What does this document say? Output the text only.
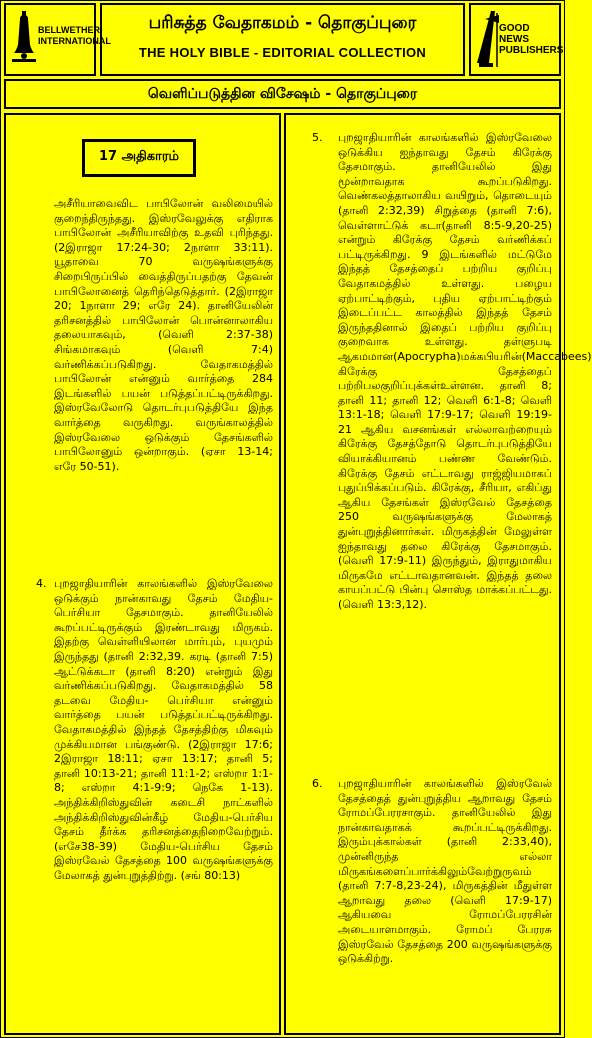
BELLWETHER INTERNATIONAL
பரிசுத்த வேதாகமம் - தொகுப்புரை
THE HOLY BIBLE - EDITORIAL COLLECTION
GOOD NEWS PUBLISHERS
வெளிப்படுத்தின விசேஷம் - தொகுப்புரை
17 அதிகாரம்
அசீரியாவைவிட பாபிலோன் வலிமையில் குறைந்திருந்தது. இஸ்ரவேலுக்கு எதிராக பாபிலோன் அசீரியாவிற்கு உதவி புரிந்தது. (2இராஜா 17:24-30; 2நாளா 33:11). யூதாவை 70 வருஷங்களுக்கு சிறைபிருப்பில் வைத்திருப்பதற்கு தேவன் பாபிலோனைத் தெரிந்தெடுத்தார். (2இராஜா 20; 1நாளா 29; எரே 24). தானியேலின் தரிசனத்தில் பாபிலோன் பொன்னாலாகிய தலையாகவும், (வெளி 2:37-38) சிங்கமாகவும் (வெளி 7:4) வர்ணிக்கப்படுகிறது. வேதாகமத்தில் பாபிலோன் என்னும் வார்த்தை 284 இடங்களில் பயன் படுத்தப்பட்டிருக்கிறது. இஸ்ரவேலோடு தொடர்புபடுத்தியே இந்த வார்த்தை வருகிறது. வருங்காலத்தில் இஸ்ரவேலை ஒடுக்கும் தேசங்களில் பாபிலோனும் ஒன்றாகும். (ஏசா 13-14; எரே 50-51).
4. புறஜாதியாரின் காலங்களில் இஸ்ரவேலை ஒடுக்கும் நான்காவது தேசம் மேதிய-பெர்சியா தேசமாகும். தானியேலில் கூறப்பட்டிருக்கும் இரண்டாவது மிருகம். இதற்கு வெள்ளியிலான மார்பும், புயமும் இருந்தது (தானி 2:32,39. கரடி (தானி 7:5) ஆட்டுக்கடா (தானி 8:20) என்றும் இது வர்ணிக்கப்படுகிறது. வேதாகமத்தில் 58 தடவை மேதிய- பெர்சியா என்னும் வார்த்தை பயன் படுத்தப்பட்டிருக்கிறது. வேதாகமத்தில் இந்தத் தேசத்திற்கு மிகவும் முக்கியமான பங்குண்டு. (2இராஜா 17:6; 2இராஜா 18:11; ஏசா 13:17; தானி 5; தானி 10:13-21; தானி 11:1-2; எஸ்றா 1:1-8; எஸ்றா 4:1-9:9; நெகே 1-13). அந்திக்கிறிஸ்துவின் கடைசி நாட்களில் அந்திக்கிறிஸ்துவின்கீழ் மேதிய-பெர்சிய தேசம் தீர்க்க தரிசனத்தைநிறைவேற்றும்.(எசே38-39) மேதிய-பெர்சிய தேசம் இஸ்ரவேல் தேசத்தை 100 வருஷங்களுக்கு மேலாகத் துன்புறுத்திற்று. (சங் 80:13)
5. புறஜாதியாரின் காலங்களில் இஸ்ரவேலை ஒடுக்கிய ஐந்தாவது தேசம் கிரேக்கு தேசமாகும். தானியேலில் இது மூன்றாவதாக கூறப்படுகிறது. வெண்கலத்தாலாகிய வயிறும், தொடையும் (தானி 2:32,39) சிறுத்தை (தானி 7:6), வெள்ளாட்டுக் கடா(தானி 8:5-9,20-25) என்றும் கிரேக்கு தேசம் வர்ணிக்கப் பட்டிருக்கிறது. 9 இடங்களில் மட்டுமே இந்தத் தேசத்தைப் பற்றிய குறிப்பு வேதாகமத்தில் உள்ளது. பழைய ஏற்பாட்டிற்கும், புதிய ஏற்பாட்டிற்கும் இடைப்பட்ட காலத்தில் இந்தத் தேசம் இருந்ததினால் இதைப் பற்றிய குறிப்பு குறைவாக உள்ளது. தள்ளுபடி ஆகமமான(Apocrypha)மக்கபியரின்(Maccabees) கிரேக்கு தேசத்தைப் பற்றிபலகுறிப்புக்கள்உள்ளன. தானி 8; தானி 11; தானி 12; வெளி 6:1-8; வெளி 13:1-18; வெளி 17:9-17; வெளி 19:19-21 ஆகிய வசனங்கள் எல்லாவற்றையும் கிரேக்கு தேசத்தோடு தொடர்புபடுத்தியே வியாக்கியானம் பண்ண வேண்டும். கிரேக்கு தேசம் எட்டாவது ராஜ்ஜியமாகப் புதுப்பிக்கப்படும். கிரேக்கு, சீரியா, எகிப்து ஆகிய தேசங்கள் இஸ்ரவேல் தேசத்தை 250 வருஷங்களுக்கு மேலாகத் துன்புறுத்தினார்கள். மிருகத்தின் மேலுள்ள ஐந்தாவது தலை கிரேக்கு தேசமாகும். (வெளி 17:9-11) இருந்தும், இராதுமாகிய மிருகமே எட்டாவதானவன். இந்தத் தலை காயப்பட்டு பின்பு சொஸ்த மாக்கப்பட்டது. (வெளி 13:3,12).
6. புறஜாதியாரின் காலங்களில் இஸ்ரவேல் தேசத்தைத் துன்புறுத்திய ஆறாவது தேசம் ரோமப்பேரரசாகும். தானியேலில் இது நான்காவதாகக் கூறப்பட்டிருக்கிறது. இரும்புக்கால்கள் (தானி 2:33,40), முன்னிருந்த எல்லா மிருகங்களைப்பார்க்கிலும்வேற்றுருவம் (தானி 7:7-8,23-24), மிருகத்தின் மீதுள்ள ஆறாவது தலை (வெளி 17:9-17) ஆகியவை ரோமப்பேரரசின் அடையாளமாகும். ரோமப் பேரரசு இஸ்ரவேல் தேசத்தை 200 வருஷங்களுக்கு ஒடுக்கிற்று.
